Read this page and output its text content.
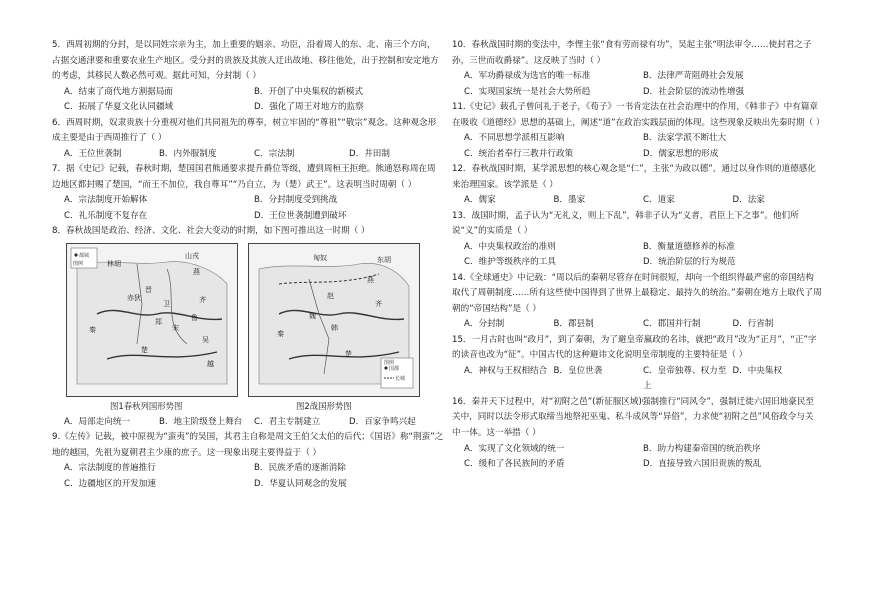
5．西周初期的分封，是以同姓宗亲为主，加上重要的姻亲、功臣，沿着周人的东、北、南三个方向，占据交通津要和重要农业生产地区。受分封的贵族及其族人迁出故地、移往他处，出于控制和安定地方的考虑，其移民人数必然可观。据此可知，分封制（ ）

A．结束了商代地方割据局面	B．开创了中央集权的新模式
C．拓展了华夏文化认同疆域	D．强化了周王对地方的监察

6．西周时期，奴隶贵族十分重视对他们共同祖先的尊奉，树立牢固的“尊祖”“敬宗”观念。这种观念形成主要是由于西周推行了（ ）

A．王位世袭制	B．内外服制度	C．宗法制	D．井田制

7．据《史记》记载，春秋时期，楚国国君熊通要求提升爵位等级，遭到周桓王拒绝。熊通怒称周在周边地区都封赐了楚国，“而王不加位，我自尊耳”“乃自立，为（楚）武王”。这表明当时周朝（ ）

A．宗法制度开始解体	B．分封制度受到挑战
C．礼乐制度不复存在	D．王位世袭制遭到破坏

8．春秋战国是政治、经济、文化、社会大变动的时期，如下图可推出这一时期（ ）

都城
图例
山戎
燕
林胡
晋
齐
鲁
宋
郑
卫
赤狄
秦
楚
吴
越
国都
长城
图例
匈奴	东胡
燕
赵
魏
韩
齐
秦
楚
图1春秋列国形势图	图2战国形势图
A．局部走向统一	B．地主阶级登上舞台	C．君主专制建立	D．百家争鸣兴起

9.《左传》记载，被中原视为“蛮夷”的吴国，其君主自称是周文王伯父太伯的后代；《国语》称“荆蛮”之地的越国，先祖为夏朝君主少康的庶子。这一现象出现主要得益于（ ）

A．宗法制度的普遍推行	B．民族矛盾的逐渐消除
C．边疆地区的开发加速	D．华夏认同观念的发展

10．春秋战国时期的变法中，李悝主张“食有劳而禄有功”，吴起主张“明法审令……使封君之子孙，三世而收爵禄”。这反映了当时（ ）

A．军功爵禄成为选官的唯一标准	B．法律严苛阻碍社会发展
C．实现国家统一是社会大势所趋	D．社会阶层的流动性增强

11.《史记》载孔子曾问礼于老子，《荀子》一书肯定法在社会治理中的作用，《韩非子》中有篇章在吸收《道德经》思想的基础上，阐述“道”在政治实践层面的体现。这些现象反映出先秦时期（ ）

A．不同思想学派相互影响	B．法家学派不断壮大
C．统治者奉行三教并行政策	D．儒家思想的形成

12．春秋战国时期，某学派思想的核心观念是“仁”，主张“为政以德”，通过以身作则的道德感化来治理国家。该学派是（ ）

A．儒家	B．墨家	C．道家	D．法家

13．战国时期，孟子认为“无礼义，则上下乱”，韩非子认为“义者，君臣上下之事”。他们所说“义”的实质是（ ）

A．中央集权政治的准则	B．衡量道德修养的标准
C．维护等级秩序的工具	D．统治阶层的行为规范

14.《全球通史》中记载：“周以后的秦朝尽管存在时间很短，却向一个组织得最严密的帝国结构取代了周朝制度……所有这些使中国得到了世界上最稳定、最持久的统治。”秦朝在地方上取代了周朝的“帝国结构”是（ ）

A．分封制	B．郡县制	C．郡国并行制	D．行省制

15．一月古时也叫“政月”，到了秦朝，为了避皇帝嬴政的名讳，就把“政月”改为“正月”，“正”字的读音也改为“征”。中国古代的这种避讳文化说明皇帝制度的主要特征是（ ）

A．神权与王权相结合 B．皇位世袭	C．皇帝独尊、权力至上
D．中央集权

16．秦并天下过程中，对“初附之邑”(新征服区域)强制推行“同风令”，强制迁徙六国旧地豪民至关中，同时以法令形式取缔当地祭祀巫鬼、私斗成风等“异俗”，力求使“初附之邑”风俗政令与关中一体。这一举措（ ）

A．实现了文化领域的统一	B．助力构建秦帝国的统治秩序
C．缓和了各民族间的矛盾	D．直接导致六国旧贵族的叛乱
